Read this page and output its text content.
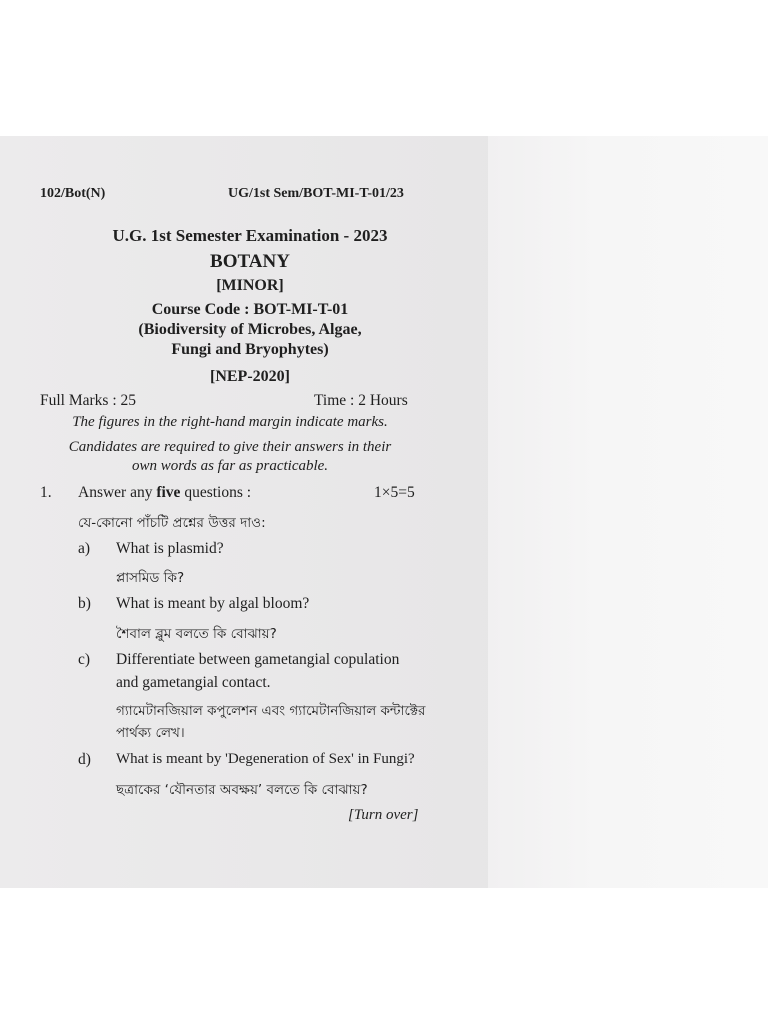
102/Bot(N)	UG/1st Sem/BOT-MI-T-01/23
U.G. 1st Semester Examination - 2023
BOTANY
[MINOR]
Course Code : BOT-MI-T-01
(Biodiversity of Microbes, Algae,
Fungi and Bryophytes)
[NEP-2020]
Full Marks : 25	Time : 2 Hours
The figures in the right-hand margin indicate marks.
Candidates are required to give their answers in their
own words as far as practicable.
1. Answer any five questions :	1×5=5
যে-কোনো পাঁচটি প্রশ্নের উত্তর দাও:
a) What is plasmid?
প্লাসমিড কি?
b) What is meant by algal bloom?
শৈবাল ব্লুম বলতে কি বোঝায়?
c) Differentiate between gametangial copulation
and gametangial contact.
গ্যামেটানজিয়াল কপুলেশন এবং গ্যামেটানজিয়াল কন্টাক্টের
পার্থক্য লেখ।
d) What is meant by 'Degeneration of Sex' in Fungi?
ছত্রাকের ‘যৌনতার অবক্ষয়’ বলতে কি বোঝায়?
[Turn over]
